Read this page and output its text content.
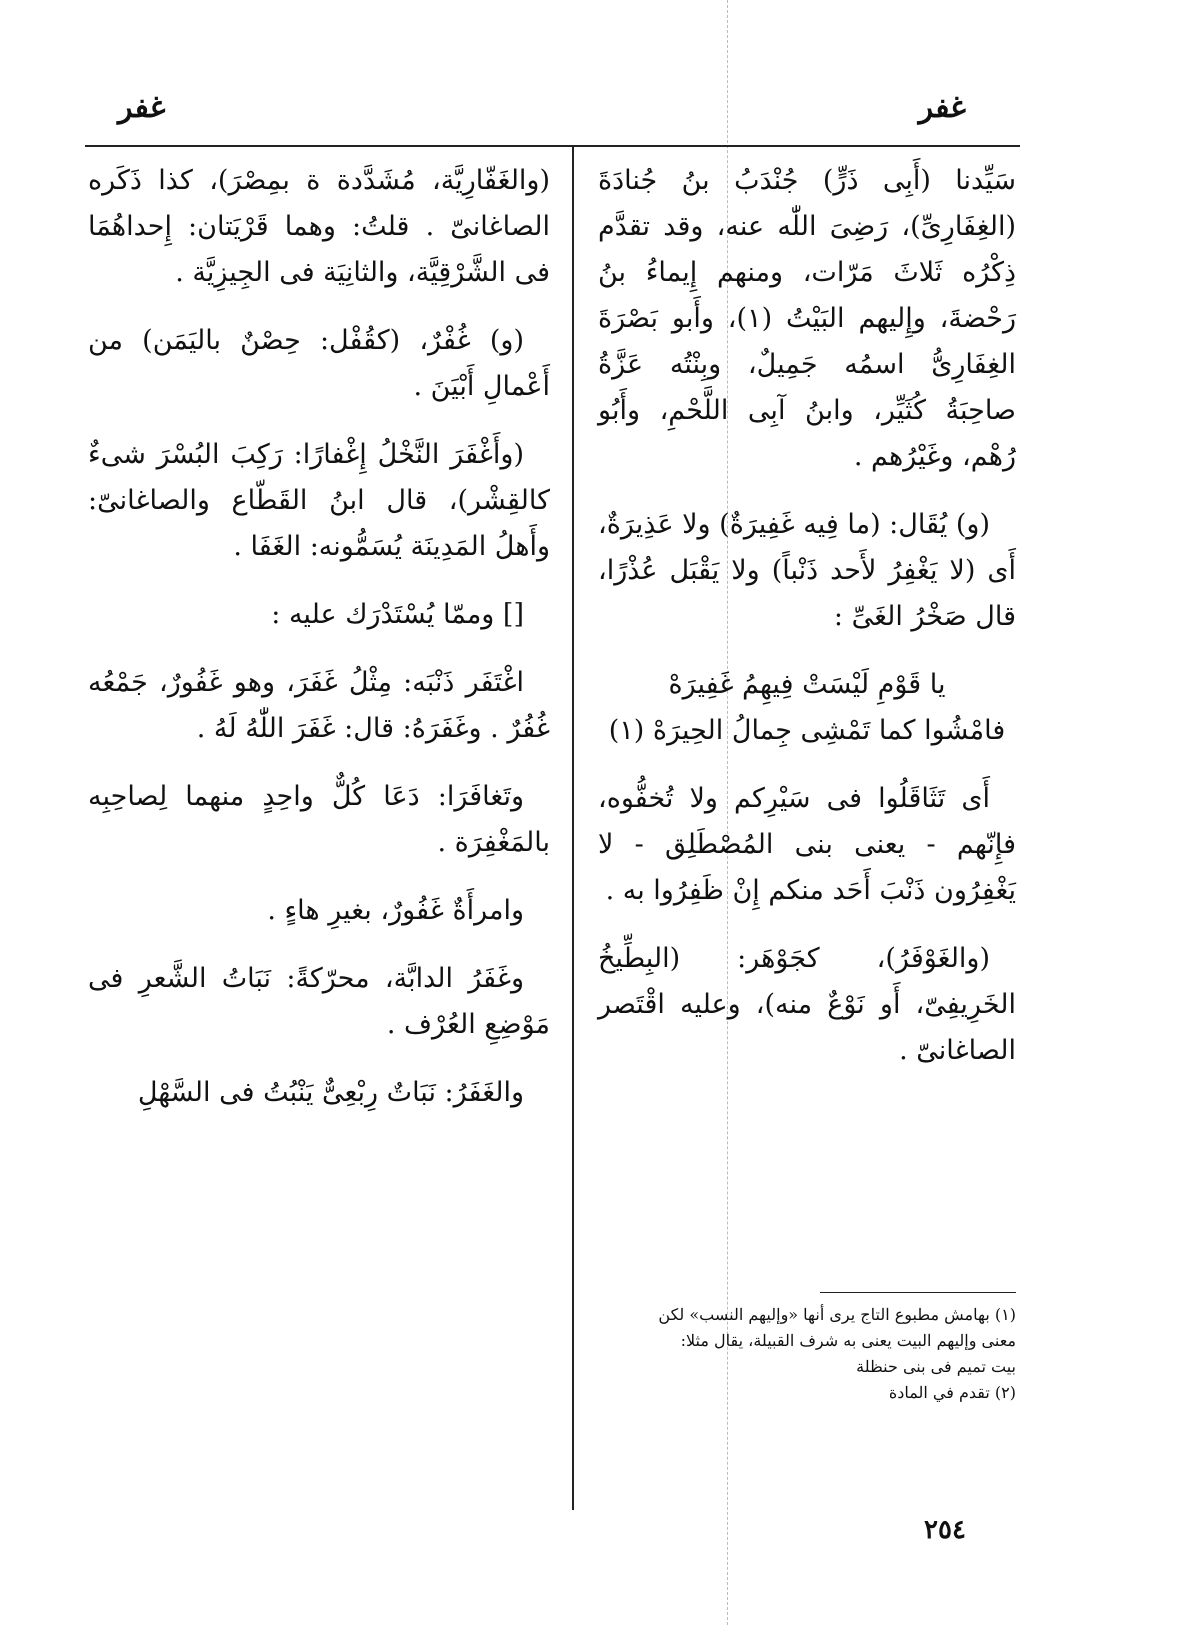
غفر
غفر

سَيِّدنا (أَبِى ذَرٍّ) جُنْدَبُ بنُ جُنادَةَ (الغِفَارِىِّ)، رَضِىَ اللّٰه عنه، وقد تقدَّم ذِكْرُه ثَلاثَ مَرّات، ومنهم إِيماءُ بنُ رَحْضةَ، وإِليهم البَيْتُ (١)، وأَبو بَصْرَةَ الغِفَارِىُّ اسمُه جَمِيلٌ، وبِنْتُه عَزَّةُ صاحِبَةُ كُثَيِّر، وابنُ آبِى اللَّحْمِ، وأَبُو رُهْم، وغَيْرُهم .

(و) يُقَال: (ما فِيه غَفِيرَةٌ) ولا عَذِيرَةٌ، أَى (لا يَغْفِرُ لأَحد ذَنْباً) ولا يَقْبَل عُذْرًا، قال صَخْرُ الغَىِّ :

يا قَوْمِ لَيْسَتْ فِيهِمُ غَفِيرَهْ
فامْشُوا كما تَمْشِى جِمالُ الحِيرَهْ (١)

أَى تَثَاقَلُوا فى سَيْرِكم ولا تُخفُّوه، فإِنّهم - يعنى بنى المُصْطَلِق - لا يَغْفِرُون ذَنْبَ أَحَد منكم إِنْ ظَفِرُوا به .

(والغَوْفَرُ)، كجَوْهَر: (البِطِّيخُ الخَرِيفِىّ، أَو نَوْعٌ منه)، وعليه اقْتَصر الصاغانىّ .

(١) بهامش مطبوع التاج يرى أنها «وإليهم النسب» لكن
معنى وإليهم البيت يعنى به شرف القبيلة، يقال مثلا:
بيت تميم فى بنى حنظلة
(٢) تقدم في المادة

(والغَفّارِيَّة، مُشَدَّدة ة بمِصْرَ)، كذا ذَكَره الصاغانىّ . قلتُ: وهما قَرْيَتان: إِحداهُمَا فى الشَّرْقِيَّة، والثانِيَة فى الجِيزِيَّة .

(و) غُفْرٌ، (كقُفْل: حِصْنٌ باليَمَن) من أَعْمالِ أَبْيَنَ .

(وأَغْفَرَ النَّخْلُ إِغْفارًا: رَكِبَ البُسْرَ شىءٌ كالقِشْر)، قال ابنُ القَطّاع والصاغانىّ: وأَهلُ المَدِينَة يُسَمُّونه: الغَفَا .

[] وممّا يُسْتَدْرَك عليه :

اغْتَفَر ذَنْبَه: مِثْلُ غَفَرَ، وهو غَفُورٌ، جَمْعُه غُفُرٌ . وغَفَرَهُ: قال: غَفَرَ اللّٰهُ لَهُ .

وتَغافَرَا: دَعَا كُلٌّ واحِدٍ منهما لِصاحِبِه بالمَغْفِرَة .

وامرأَةٌ غَفُورٌ، بغيرِ هاءٍ .

وغَفَرُ الدابَّة، محرّكةً: نَبَاتُ الشَّعرِ فى مَوْضِعِ العُرْف .

والغَفَرُ: نَبَاتٌ رِبْعِىٌّ يَنْبُتُ فى السَّهْلِ

٢٥٤
